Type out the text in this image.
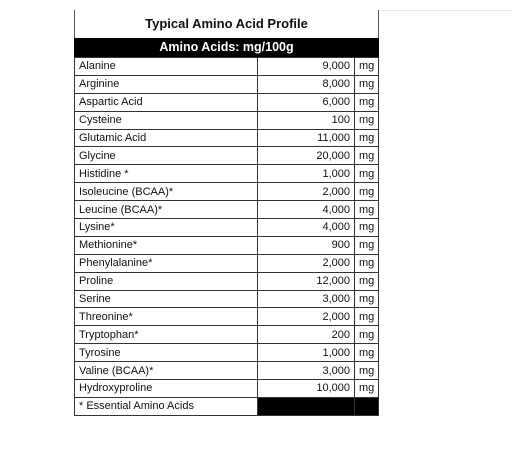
Typical Amino Acid Profile
Amino Acids: mg/100g
Alanine	9,000	mg
Arginine	8,000	mg
Aspartic Acid	6,000	mg
Cysteine	100	mg
Glutamic Acid	11,000	mg
Glycine	20,000	mg
Histidine *	1,000	mg
Isoleucine (BCAA)*	2,000	mg
Leucine (BCAA)*	4,000	mg
Lysine*	4,000	mg
Methionine*	900	mg
Phenylalanine*	2,000	mg
Proline	12,000	mg
Serine	3,000	mg
Threonine*	2,000	mg
Tryptophan*	200	mg
Tyrosine	1,000	mg
Valine (BCAA)*	3,000	mg
Hydroxyproline	10,000	mg
* Essential Amino Acids		
